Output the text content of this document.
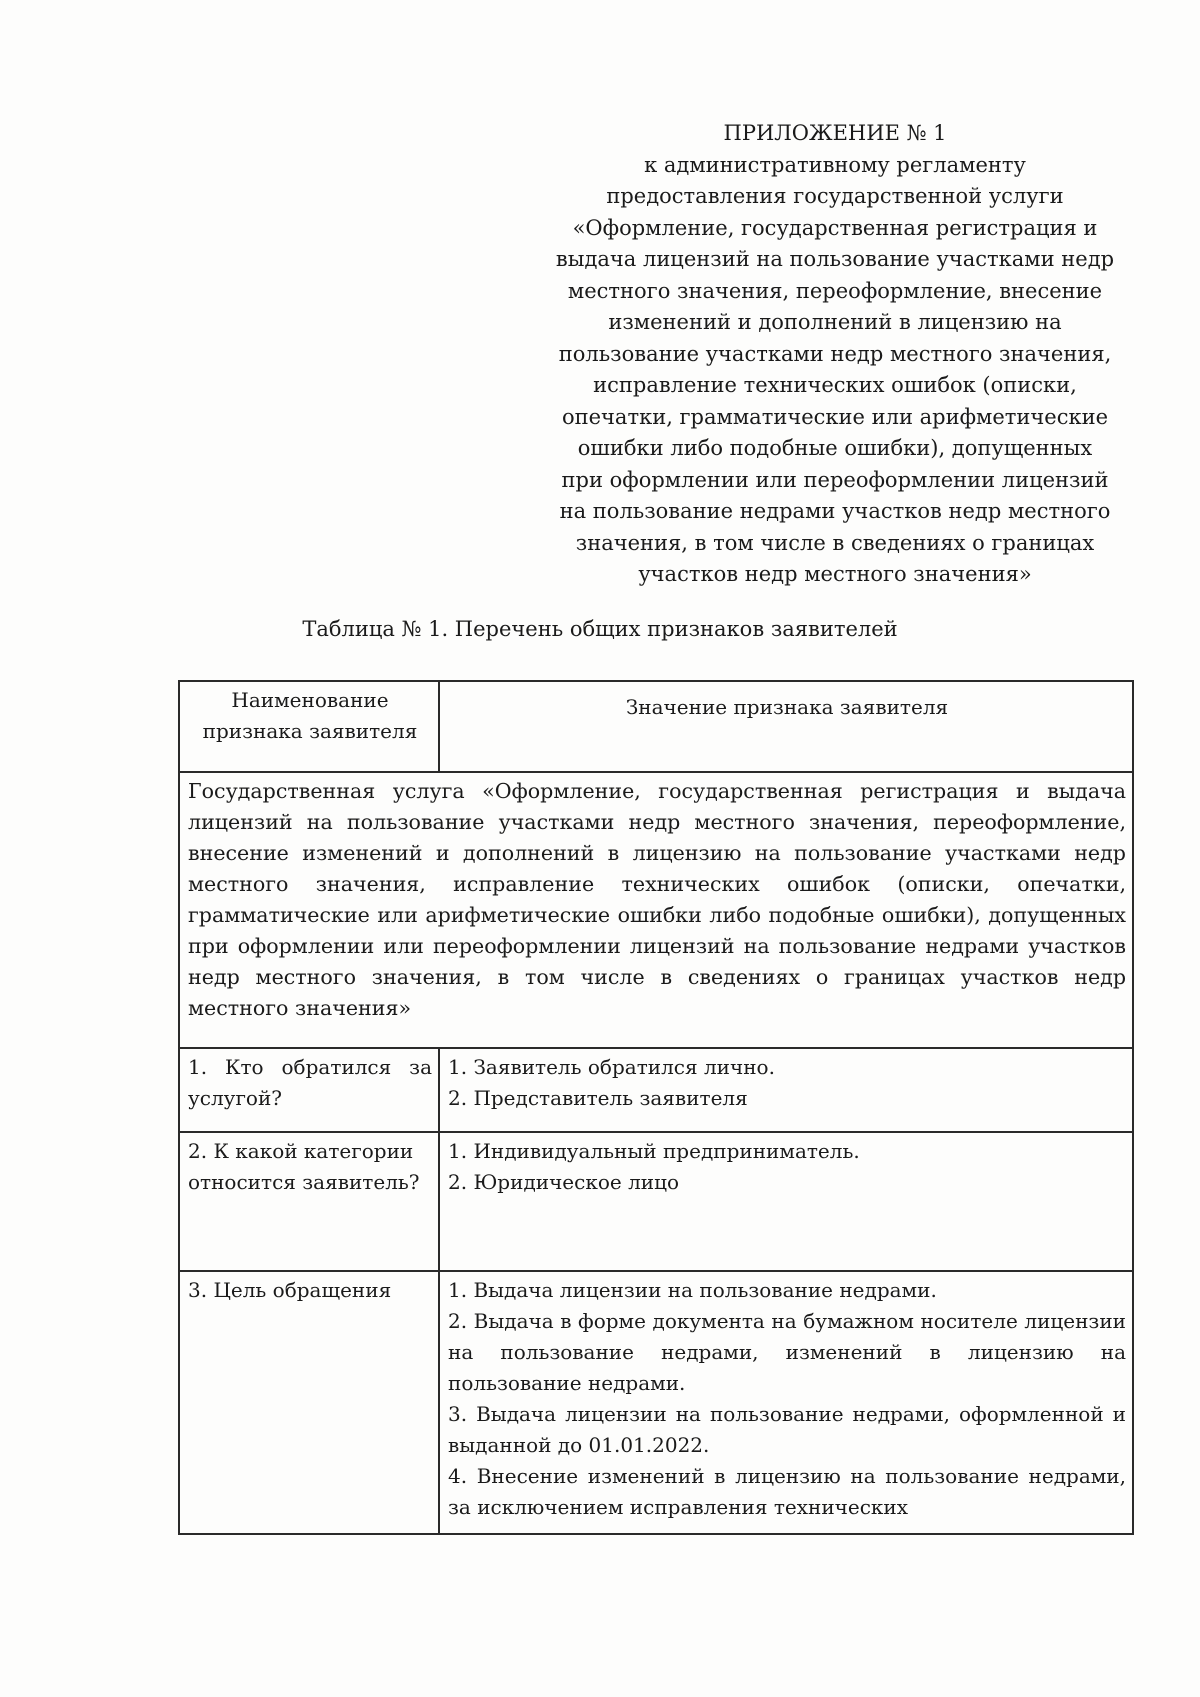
ПРИЛОЖЕНИЕ № 1
к административному регламенту
предоставления государственной услуги
«Оформление, государственная регистрация и
выдача лицензий на пользование участками недр
местного значения, переоформление, внесение
изменений и дополнений в лицензию на
пользование участками недр местного значения,
исправление технических ошибок (описки,
опечатки, грамматические или арифметические
ошибки либо подобные ошибки), допущенных
при оформлении или переоформлении лицензий
на пользование недрами участков недр местного
значения, в том числе в сведениях о границах
участков недр местного значения»
Таблица № 1. Перечень общих признаков заявителей
Наименование признака заявителя	Значение признака заявителя
Государственная услуга «Оформление, государственная регистрация и выдача лицензий на пользование участками недр местного значения, переоформление, внесение изменений и дополнений в лицензию на пользование участками недр местного значения, исправление технических ошибок (описки, опечатки, грамматические или арифметические ошибки либо подобные ошибки), допущенных при оформлении или переоформлении лицензий на пользование недрами участков недр местного значения, в том числе в сведениях о границах участков недр местного значения»	
1. Кто обратился за услугой?	1. Заявитель обратился лично.
2. Представитель заявителя

2. К какой категории относится заявитель?	1. Индивидуальный предприниматель.
2. Юридическое лицо

3. Цель обращения	1. Выдача лицензии на пользование недрами.
2. Выдача в форме документа на бумажном носителе лицензии на пользование недрами, изменений в лицензию на пользование недрами.
3. Выдача лицензии на пользование недрами, оформленной и выданной до 01.01.2022.
4. Внесение изменений в лицензию на пользование недрами, за исключением исправления технических
